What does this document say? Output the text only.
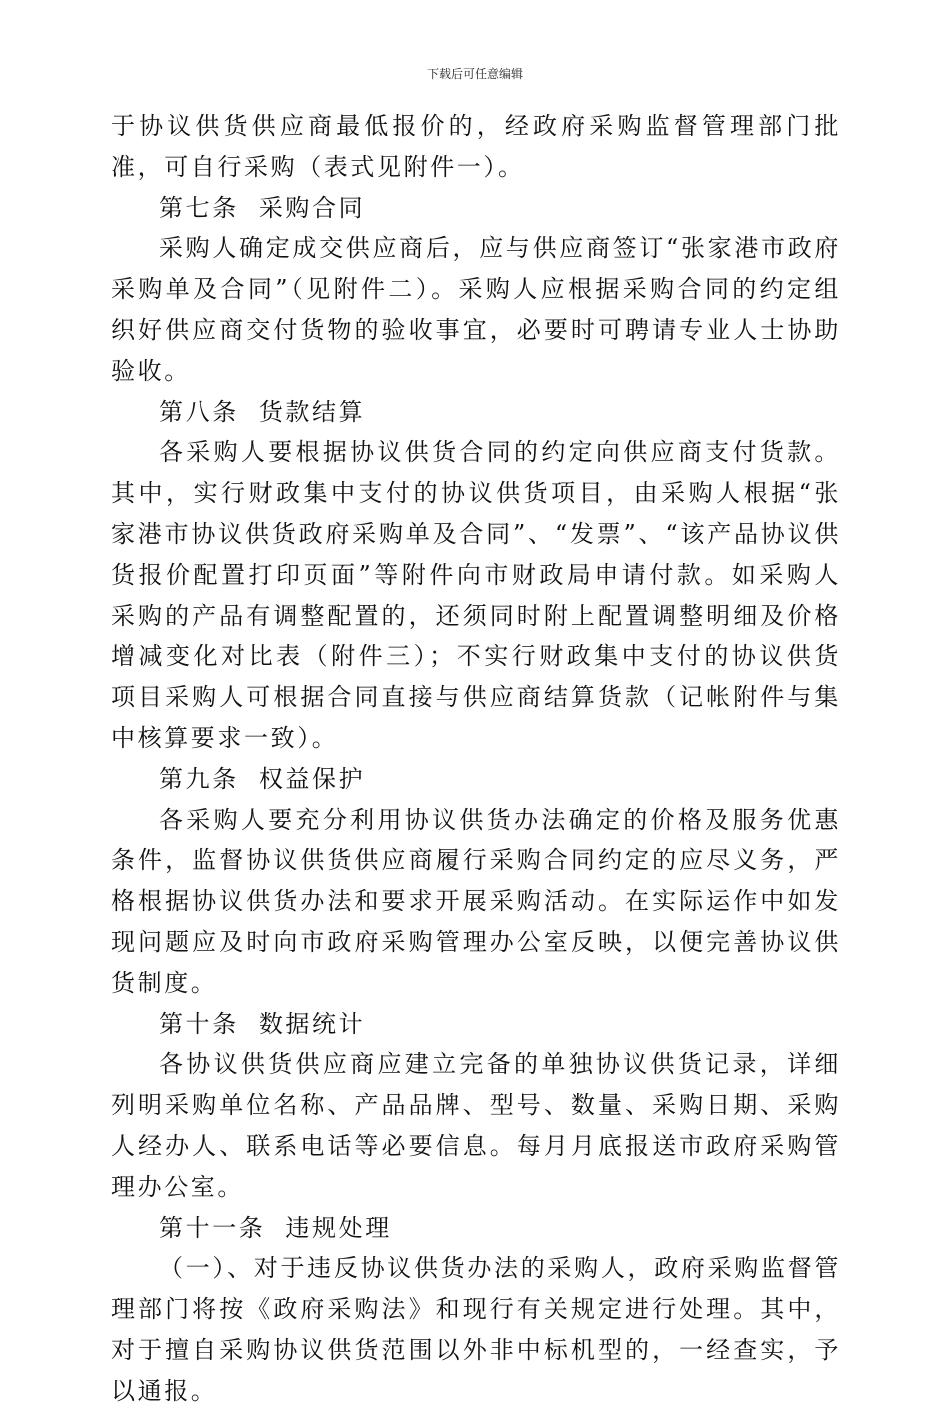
下载后可任意编辑

于协议供货供应商最低报价的，经政府采购监督管理部门批准，可自行采购（表式见附件一）。

第七条 采购合同

采购人确定成交供应商后，应与供应商签订“张家港市政府采购单及合同”（见附件二）。采购人应根据采购合同的约定组织好供应商交付货物的验收事宜，必要时可聘请专业人士协助验收。

第八条 货款结算

各采购人要根据协议供货合同的约定向供应商支付货款。其中，实行财政集中支付的协议供货项目，由采购人根据“张家港市协议供货政府采购单及合同”、“发票”、“该产品协议供货报价配置打印页面”等附件向市财政局申请付款。如采购人采购的产品有调整配置的，还须同时附上配置调整明细及价格增减变化对比表（附件三）；不实行财政集中支付的协议供货项目采购人可根据合同直接与供应商结算货款（记帐附件与集中核算要求一致）。

第九条 权益保护

各采购人要充分利用协议供货办法确定的价格及服务优惠条件，监督协议供货供应商履行采购合同约定的应尽义务，严格根据协议供货办法和要求开展采购活动。在实际运作中如发现问题应及时向市政府采购管理办公室反映，以便完善协议供货制度。

第十条 数据统计

各协议供货供应商应建立完备的单独协议供货记录，详细列明采购单位名称、产品品牌、型号、数量、采购日期、采购人经办人、联系电话等必要信息。每月月底报送市政府采购管理办公室。

第十一条 违规处理

（一）、对于违反协议供货办法的采购人，政府采购监督管理部门将按《政府采购法》和现行有关规定进行处理。其中，对于擅自采购协议供货范围以外非中标机型的，一经查实，予以通报。
